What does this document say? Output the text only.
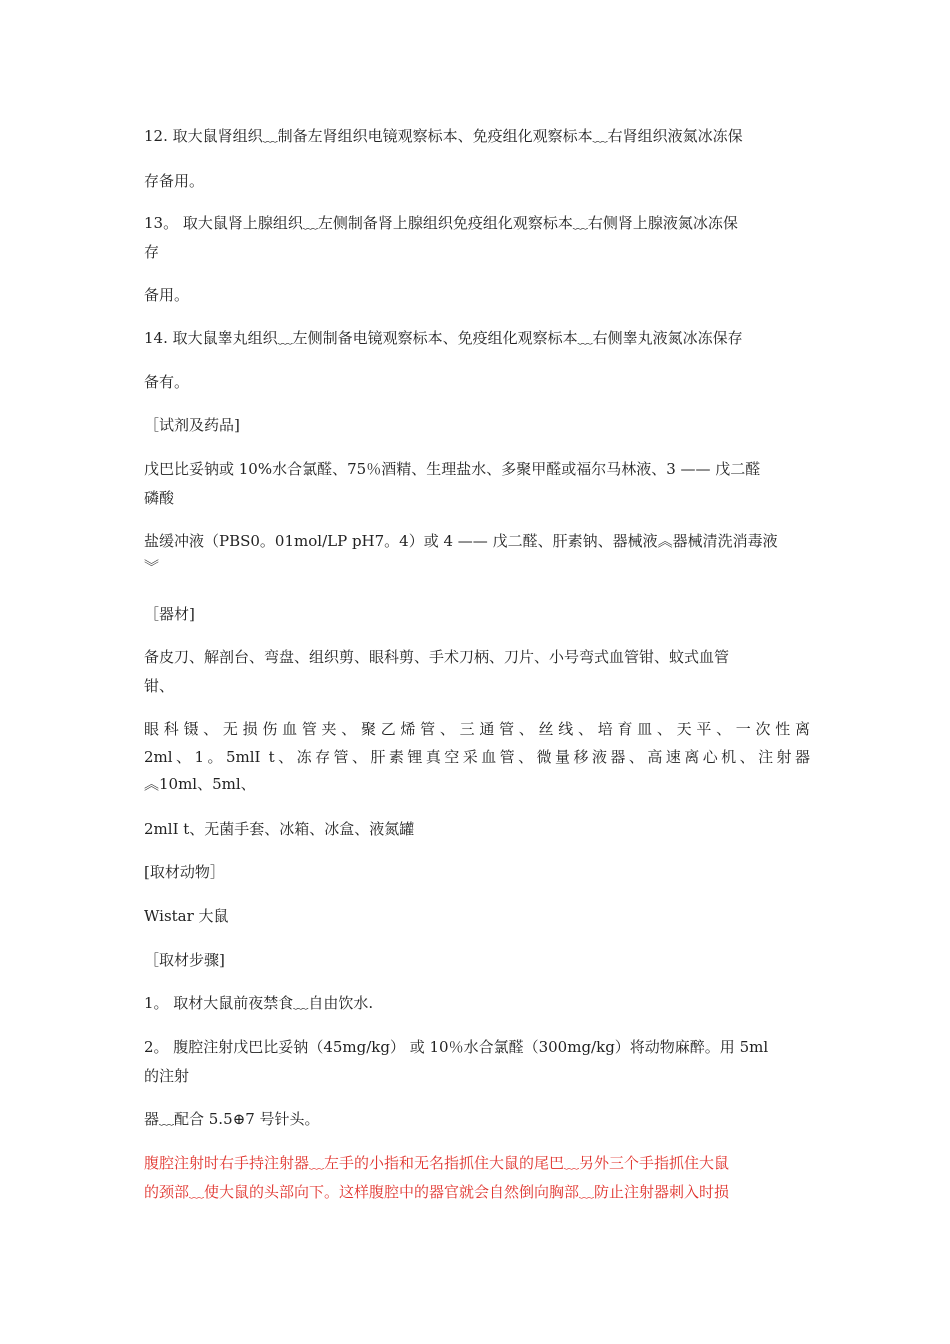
12. 取大鼠肾组织﹏制备左肾组织电镜观察标本、免疫组化观察标本﹏右肾组织液氮冰冻保
存备用。
13。 取大鼠肾上腺组织﹏左侧制备肾上腺组织免疫组化观察标本﹏右侧肾上腺液氮冰冻保
存
备用。
14. 取大鼠睾丸组织﹏左侧制备电镜观察标本、免疫组化观察标本﹏右侧睾丸液氮冰冻保存
备有。
［试剂及药品]
戊巴比妥钠或 10%水合氯醛、75％酒精、生理盐水、多聚甲醛或福尔马林液、3 —— 戊二醛
磷酸
盐缓冲液（PBS0。01mol/LP pH7。4）或 4 —— 戊二醛、肝素钠、器械液︽器械清洗消毒液
︾
［器材]
备皮刀、解剖台、弯盘、组织剪、眼科剪、手术刀柄、刀片、小号弯式血管钳、蚊式血管
钳、
眼科镊、无损伤血管夹、聚乙烯管、三通管、丝线、培育皿、天平、一次性离
2ml、1。5mlI t、冻存管、肝素锂真空采血管、微量移液器、高速离心机、注射器
︽10ml、5ml、
2mlI t、无菌手套、冰箱、冰盒、液氮罐
[取材动物］
Wistar 大鼠
［取材步骤]
1。 取材大鼠前夜禁食﹏自由饮水.
2。 腹腔注射戊巴比妥钠（45mg/kg） 或 10％水合氯醛（300mg/kg）将动物麻醉。用 5ml
的注射
器﹏配合 5.5⊕7 号针头。
腹腔注射时右手持注射器﹏左手的小指和无名指抓住大鼠的尾巴﹏另外三个手指抓住大鼠
的颈部﹏使大鼠的头部向下。这样腹腔中的器官就会自然倒向胸部﹏防止注射器刺入时损
